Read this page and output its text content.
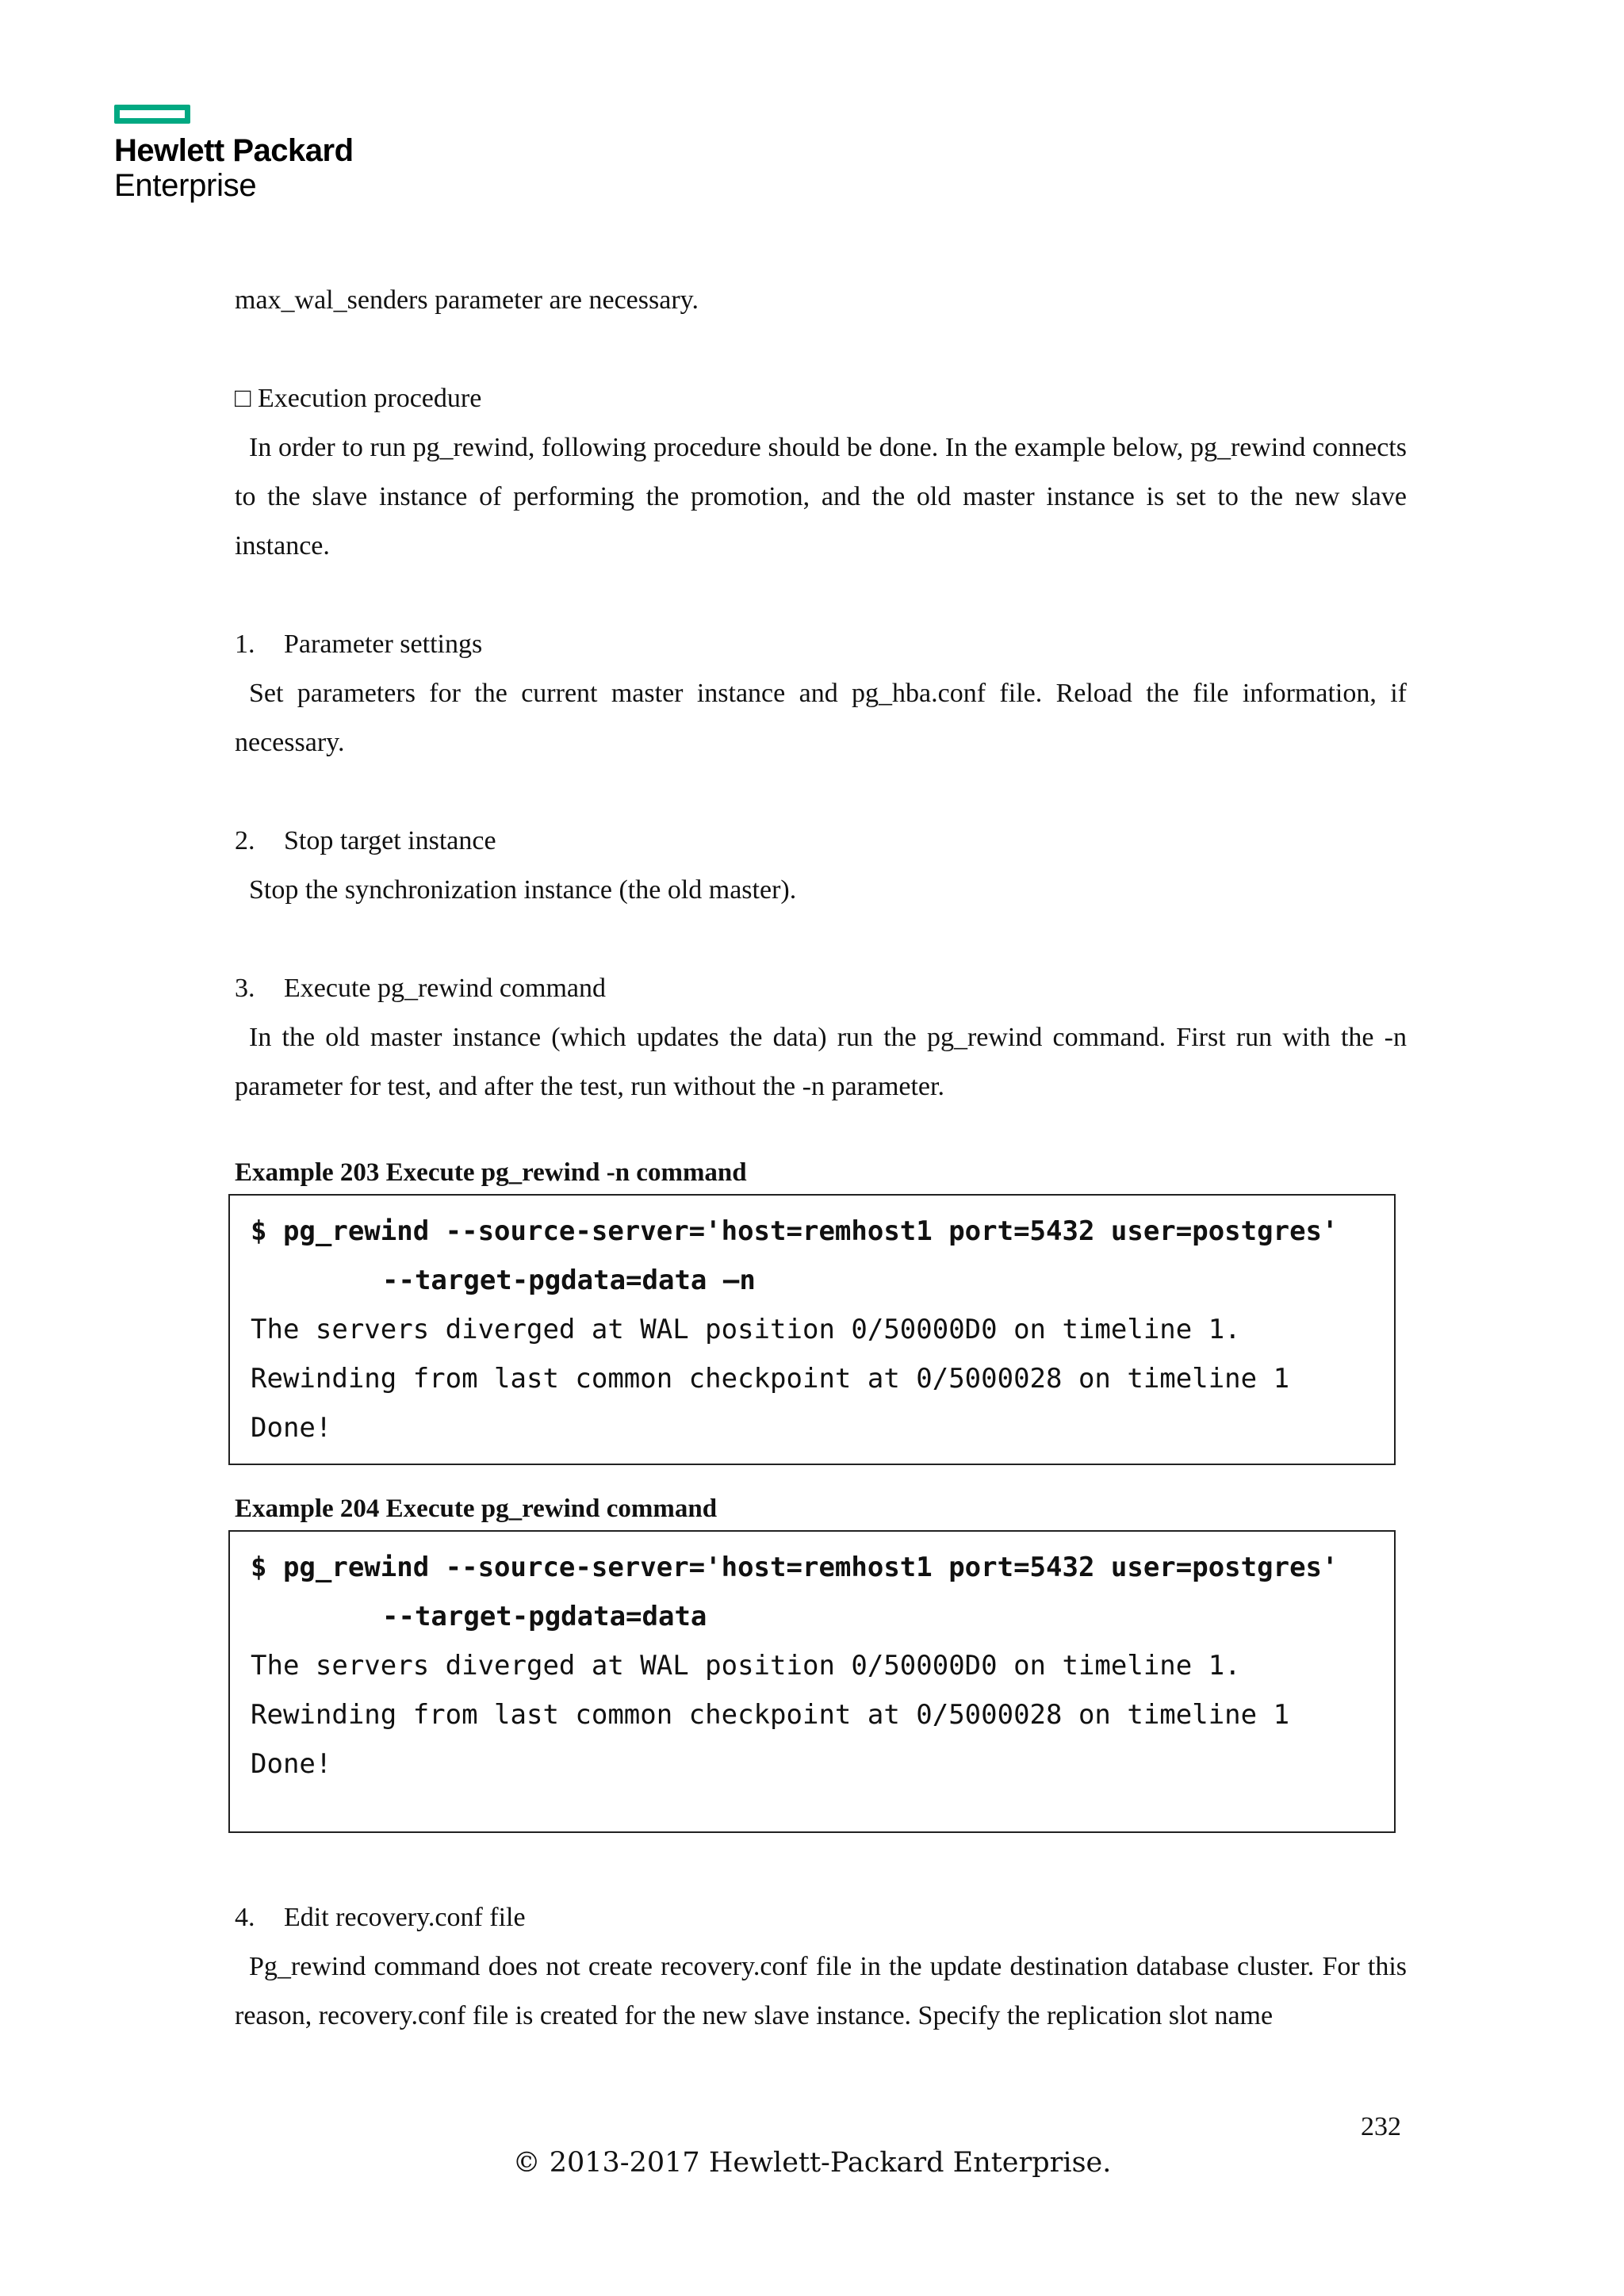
Hewlett Packard
Enterprise
max_wal_senders parameter are necessary.
□ Execution procedure
In order to run pg_rewind, following procedure should be done. In the example below, pg_rewind connects to the slave instance of performing the promotion, and the old master instance is set to the new slave instance.
1. Parameter settings
Set parameters for the current master instance and pg_hba.conf file. Reload the file information, if necessary.
2. Stop target instance
Stop the synchronization instance (the old master).
3. Execute pg_rewind command
In the old master instance (which updates the data) run the pg_rewind command. First run with the -n parameter for test, and after the test, run without the -n parameter.
Example 203 Execute pg_rewind -n command
$ pg_rewind --source-server='host=remhost1 port=5432 user=postgres'
--target-pgdata=data –n
The servers diverged at WAL position 0/50000D0 on timeline 1.
Rewinding from last common checkpoint at 0/5000028 on timeline 1
Done!
Example 204 Execute pg_rewind command
$ pg_rewind --source-server='host=remhost1 port=5432 user=postgres'
--target-pgdata=data
The servers diverged at WAL position 0/50000D0 on timeline 1.
Rewinding from last common checkpoint at 0/5000028 on timeline 1
Done!
4. Edit recovery.conf file
Pg_rewind command does not create recovery.conf file in the update destination database cluster. For this reason, recovery.conf file is created for the new slave instance. Specify the replication slot name
232
© 2013-2017 Hewlett-Packard Enterprise.
